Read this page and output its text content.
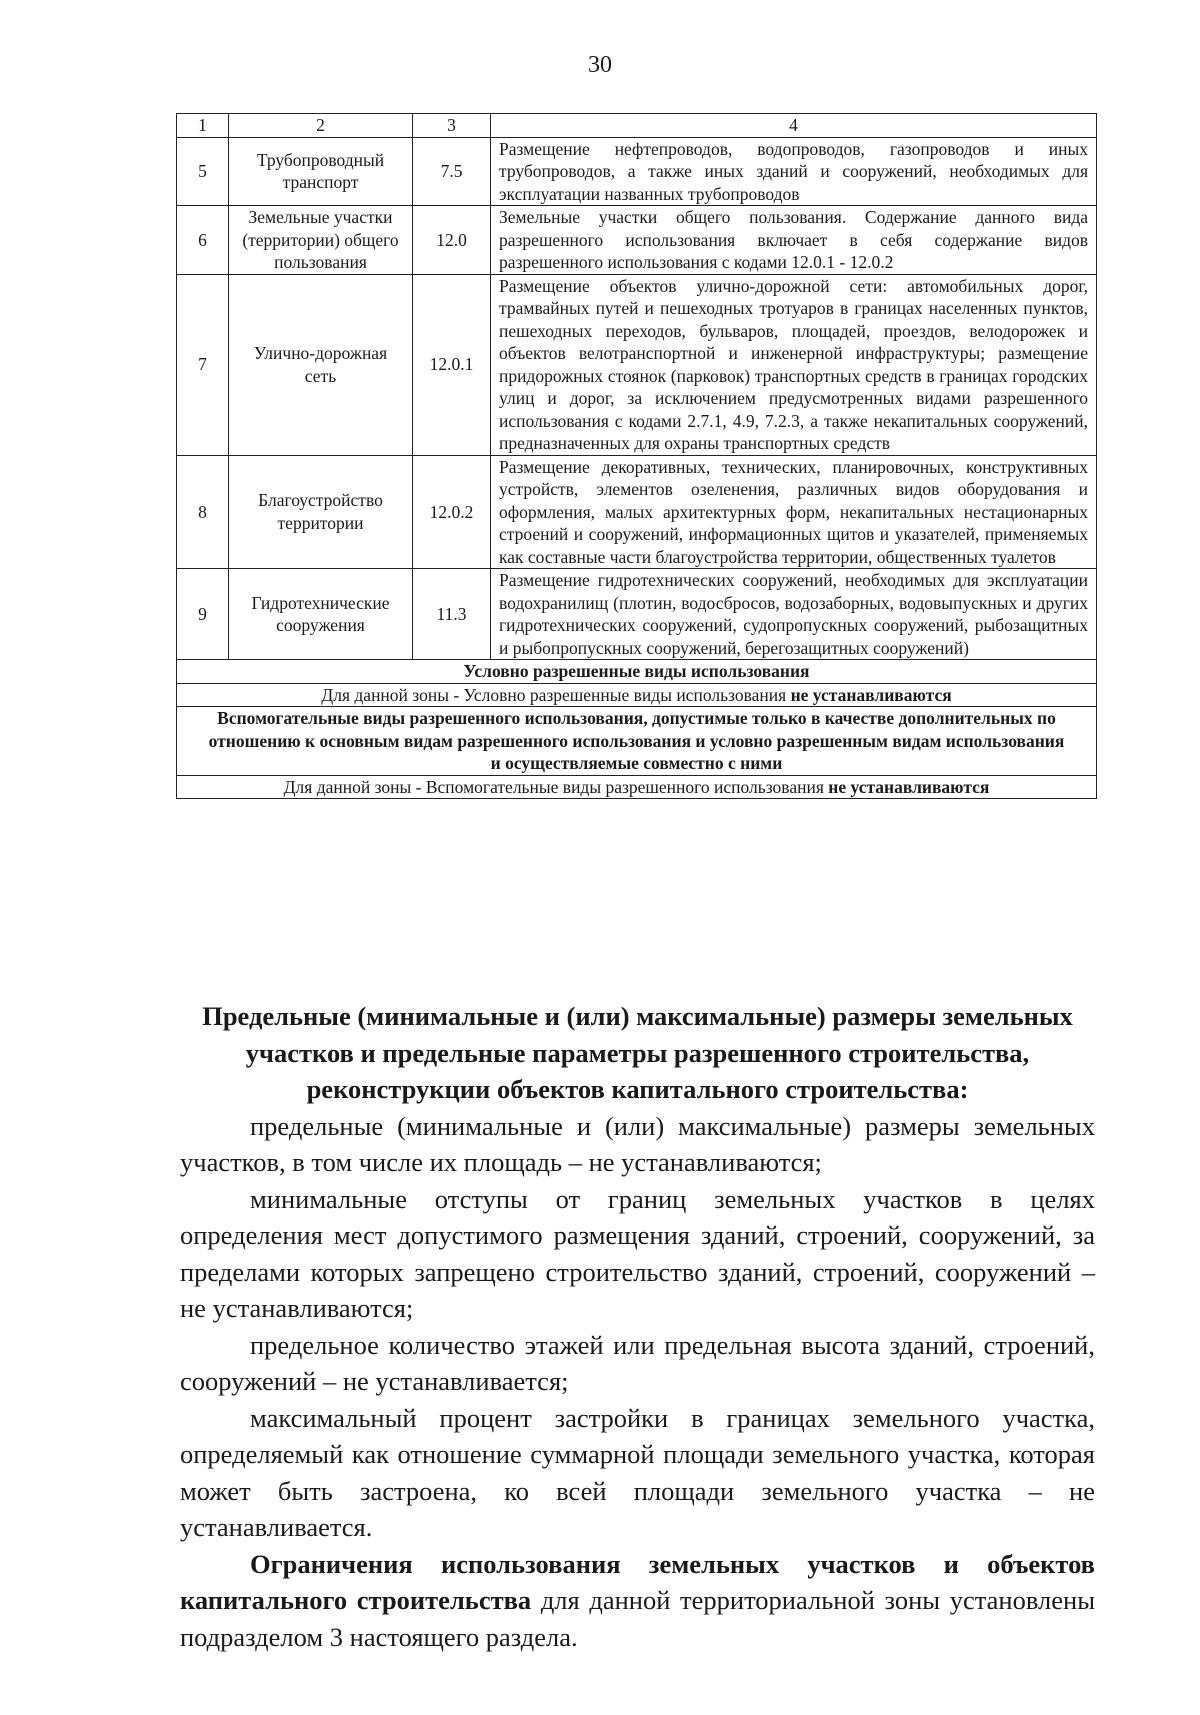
30
1	2	3	4
5	Трубопроводный транспорт	7.5	Размещение нефтепроводов, водопроводов, газопроводов и иных трубопроводов, а также иных зданий и сооружений, необходимых для эксплуатации названных трубопроводов
6	Земельные участки (территории) общего пользования	12.0	Земельные участки общего пользования. Содержание данного вида разрешенного использования включает в себя содержание видов разрешенного использования с кодами 12.0.1 - 12.0.2
7	Улично-дорожная сеть	12.0.1	Размещение объектов улично-дорожной сети: автомобильных дорог, трамвайных путей и пешеходных тротуаров в границах населенных пунктов, пешеходных переходов, бульваров, площадей, проездов, велодорожек и объектов велотранспортной и инженерной инфраструктуры; размещение придорожных стоянок (парковок) транспортных средств в границах городских улиц и дорог, за исключением предусмотренных видами разрешенного использования с кодами 2.7.1, 4.9, 7.2.3, а также некапитальных сооружений, предназначенных для охраны транспортных средств
8	Благоустройство территории	12.0.2	Размещение декоративных, технических, планировочных, конструктивных устройств, элементов озеленения, различных видов оборудования и оформления, малых архитектурных форм, некапитальных нестационарных строений и сооружений, информационных щитов и указателей, применяемых как составные части благоустройства территории, общественных туалетов
9	Гидротехнические сооружения	11.3	Размещение гидротехнических сооружений, необходимых для эксплуатации водохранилищ (плотин, водосбросов, водозаборных, водовыпускных и других гидротехнических сооружений, судопропускных сооружений, рыбозащитных и рыбопропускных сооружений, берегозащитных сооружений)
Условно разрешенные виды использования			
Для данной зоны - Условно разрешенные виды использования не устанавливаются			
Вспомогательные виды разрешенного использования, допустимые только в качестве дополнительных по отношению к основным видам разрешенного использования и условно разрешенным видам использования и осуществляемые совместно с ними			
Для данной зоны - Вспомогательные виды разрешенного использования не устанавливаются			

Предельные (минимальные и (или) максимальные) размеры земельных участков и предельные параметры разрешенного строительства, реконструкции объектов капитального строительства:

предельные (минимальные и (или) максимальные) размеры земельных участков, в том числе их площадь – не устанавливаются;

минимальные отступы от границ земельных участков в целях определения мест допустимого размещения зданий, строений, сооружений, за пределами которых запрещено строительство зданий, строений, сооружений – не устанавливаются;

предельное количество этажей или предельная высота зданий, строений, сооружений – не устанавливается;

максимальный процент застройки в границах земельного участка, определяемый как отношение суммарной площади земельного участка, которая может быть застроена, ко всей площади земельного участка – не устанавливается.

Ограничения использования земельных участков и объектов капитального строительства для данной территориальной зоны установлены подразделом 3 настоящего раздела.
